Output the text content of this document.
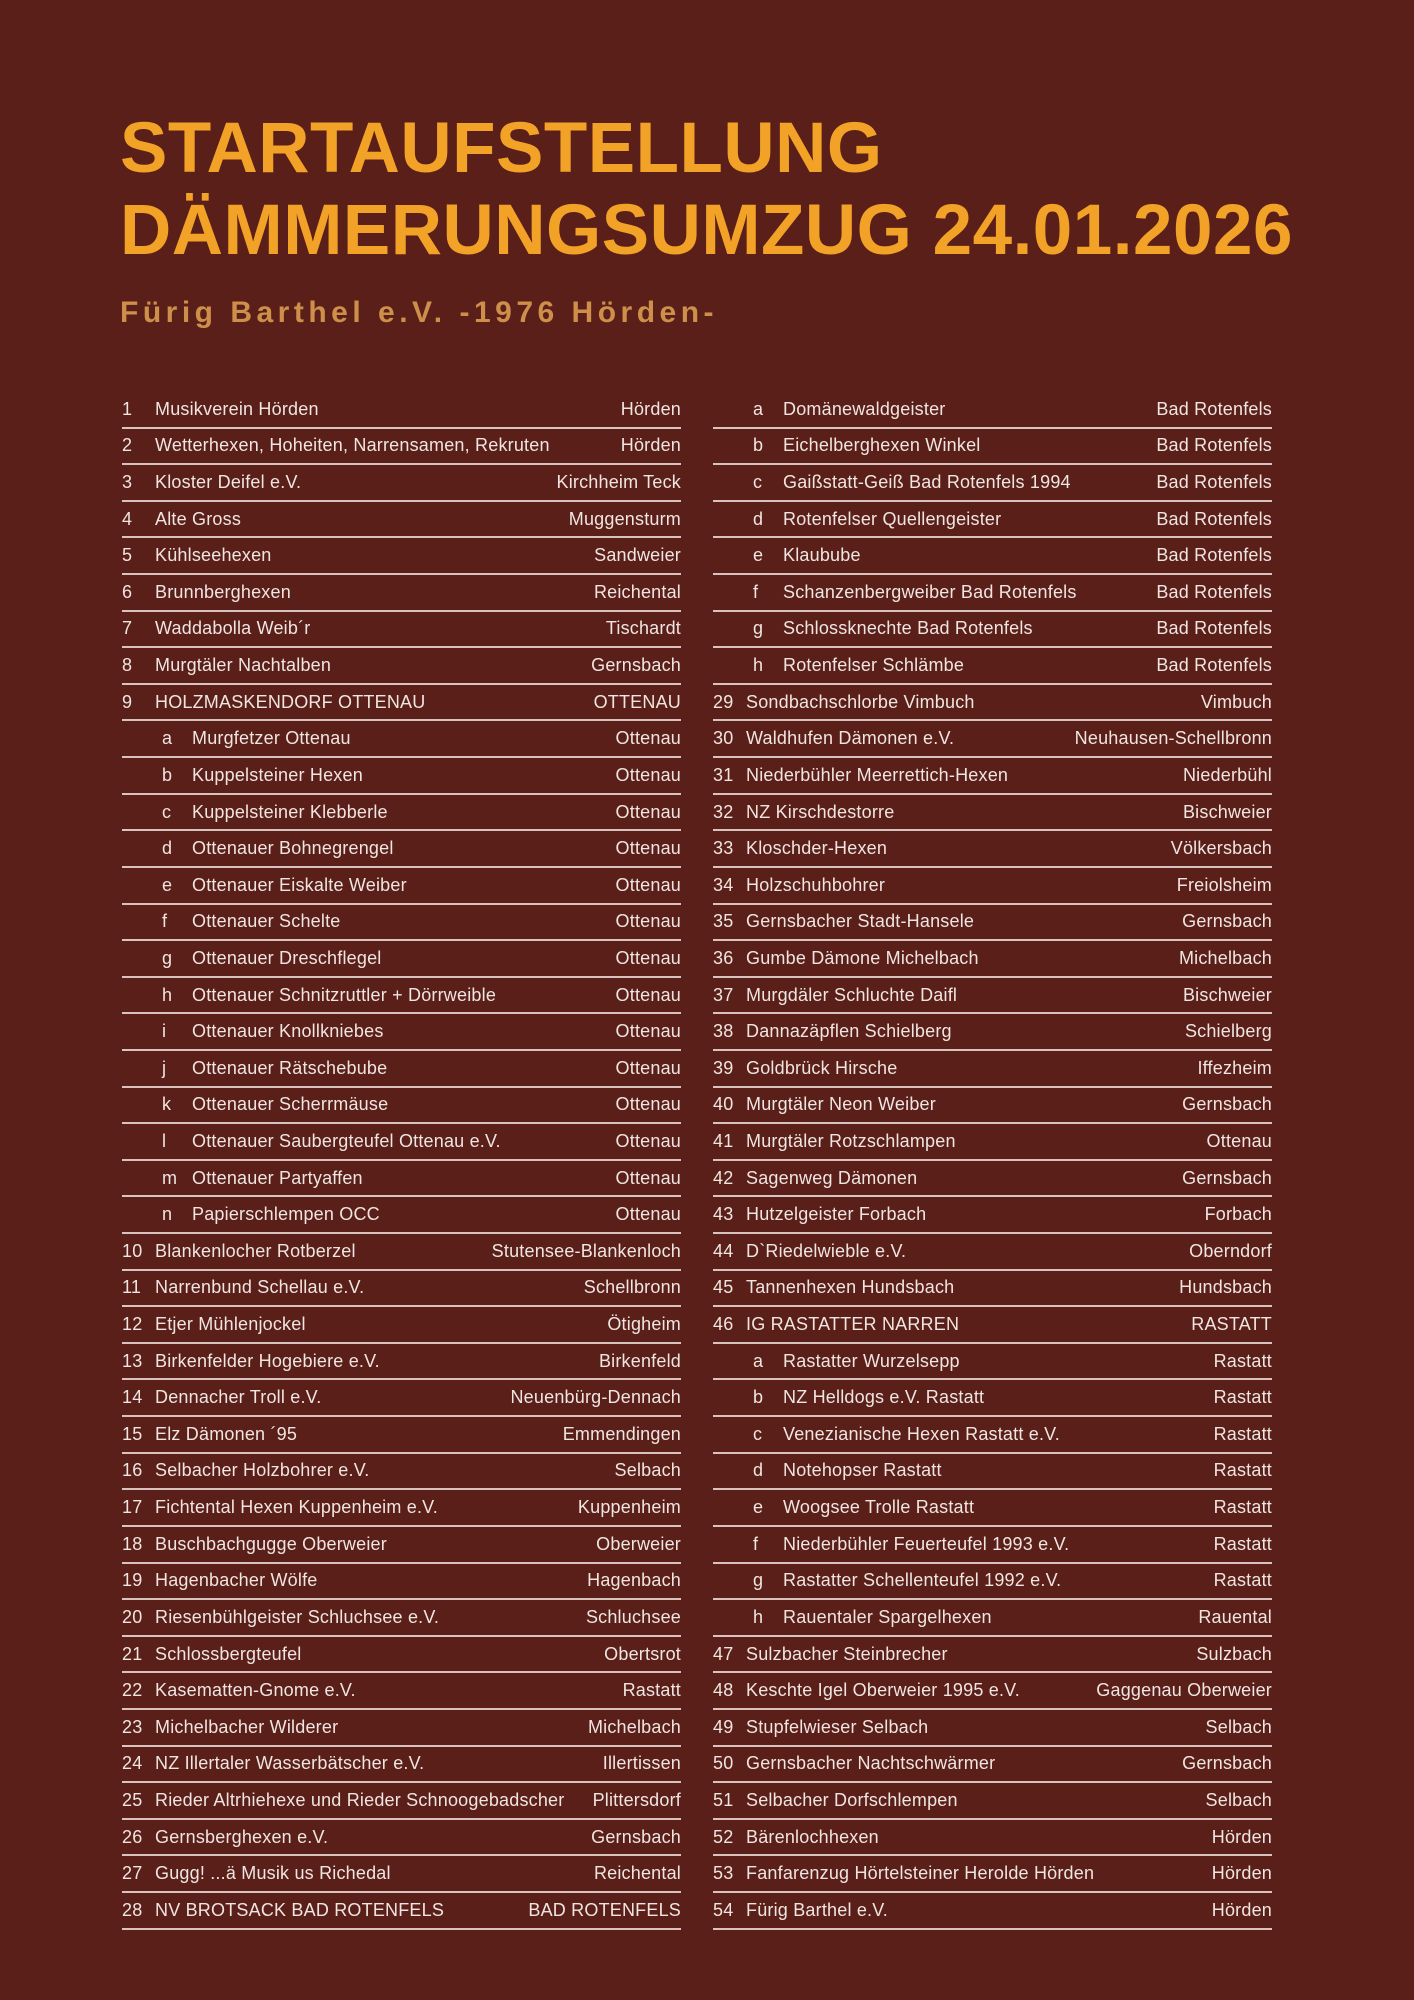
STARTAUFSTELLUNG
DÄMMERUNGSUMZUG 24.01.2026
Fürig Barthel e.V. -1976 Hörden-
1	Musikverein Hörden	Hörden
2	Wetterhexen, Hoheiten, Narrensamen, Rekruten	Hörden
3	Kloster Deifel e.V.	Kirchheim Teck
4	Alte Gross	Muggensturm
5	Kühlseehexen	Sandweier
6	Brunnberghexen	Reichental
7	Waddabolla Weib´r	Tischardt
8	Murgtäler Nachtalben	Gernsbach
9	HOLZMASKENDORF OTTENAU	OTTENAU
a	Murgfetzer Ottenau	Ottenau
b	Kuppelsteiner Hexen	Ottenau
c	Kuppelsteiner Klebberle	Ottenau
d	Ottenauer Bohnegrengel	Ottenau
e	Ottenauer Eiskalte Weiber	Ottenau
f	Ottenauer Schelte	Ottenau
g	Ottenauer Dreschflegel	Ottenau
h	Ottenauer Schnitzruttler + Dörrweible	Ottenau
i	Ottenauer Knollkniebes	Ottenau
j	Ottenauer Rätschebube	Ottenau
k	Ottenauer Scherrmäuse	Ottenau
l	Ottenauer Saubergteufel Ottenau e.V.	Ottenau
m Ottenauer Partyaffen	Ottenau
n	Papierschlempen OCC	Ottenau
10 Blankenlocher Rotberzel	Stutensee-Blankenloch
11 Narrenbund Schellau e.V.	Schellbronn
12 Etjer Mühlenjockel	Ötigheim
13 Birkenfelder Hogebiere e.V.	Birkenfeld
14 Dennacher Troll e.V.	Neuenbürg-Dennach
15 Elz Dämonen ´95	Emmendingen
16 Selbacher Holzbohrer e.V.	Selbach
17 Fichtental Hexen Kuppenheim e.V.	Kuppenheim
18 Buschbachgugge Oberweier	Oberweier
19 Hagenbacher Wölfe	Hagenbach
20 Riesenbühlgeister Schluchsee e.V.	Schluchsee
21 Schlossbergteufel	Obertsrot
22 Kasematten-Gnome e.V.	Rastatt
23 Michelbacher Wilderer	Michelbach
24 NZ Illertaler Wasserbätscher e.V.	Illertissen
25 Rieder Altrhiehexe und Rieder Schnoogebadscher	Plittersdorf
26 Gernsberghexen e.V.	Gernsbach
27 Gugg! ...ä Musik us Richedal	Reichental
28 NV BROTSACK BAD ROTENFELS	BAD ROTENFELS
a	Domänewaldgeister	Bad Rotenfels
b	Eichelberghexen Winkel	Bad Rotenfels
c	Gaißstatt-Geiß Bad Rotenfels 1994	Bad Rotenfels
d	Rotenfelser Quellengeister	Bad Rotenfels
e	Klaubube	Bad Rotenfels
f	Schanzenbergweiber Bad Rotenfels	Bad Rotenfels
g	Schlossknechte Bad Rotenfels	Bad Rotenfels
h	Rotenfelser Schlämbe	Bad Rotenfels
29 Sondbachschlorbe Vimbuch	Vimbuch
30 Waldhufen Dämonen e.V.	Neuhausen-Schellbronn
31 Niederbühler Meerrettich-Hexen	Niederbühl
32 NZ Kirschdestorre	Bischweier
33 Kloschder-Hexen	Völkersbach
34 Holzschuhbohrer	Freiolsheim
35 Gernsbacher Stadt-Hansele	Gernsbach
36 Gumbe Dämone Michelbach	Michelbach
37 Murgdäler Schluchte Daifl	Bischweier
38 Dannazäpflen Schielberg	Schielberg
39 Goldbrück Hirsche	Iffezheim
40 Murgtäler Neon Weiber	Gernsbach
41 Murgtäler Rotzschlampen	Ottenau
42 Sagenweg Dämonen	Gernsbach
43 Hutzelgeister Forbach	Forbach
44 D`Riedelwieble e.V.	Oberndorf
45 Tannenhexen Hundsbach	Hundsbach
46 IG RASTATTER NARREN	RASTATT
a	Rastatter Wurzelsepp	Rastatt
b	NZ Helldogs e.V. Rastatt	Rastatt
c	Venezianische Hexen Rastatt e.V.	Rastatt
d	Notehopser Rastatt	Rastatt
e	Woogsee Trolle Rastatt	Rastatt
f	Niederbühler Feuerteufel 1993 e.V.	Rastatt
g	Rastatter Schellenteufel 1992 e.V.	Rastatt
h	Rauentaler Spargelhexen	Rauental
47 Sulzbacher Steinbrecher	Sulzbach
48 Keschte Igel Oberweier 1995 e.V.	Gaggenau Oberweier
49 Stupfelwieser Selbach	Selbach
50 Gernsbacher Nachtschwärmer	Gernsbach
51 Selbacher Dorfschlempen	Selbach
52 Bärenlochhexen	Hörden
53 Fanfarenzug Hörtelsteiner Herolde Hörden	Hörden
54 Fürig Barthel e.V.	Hörden
